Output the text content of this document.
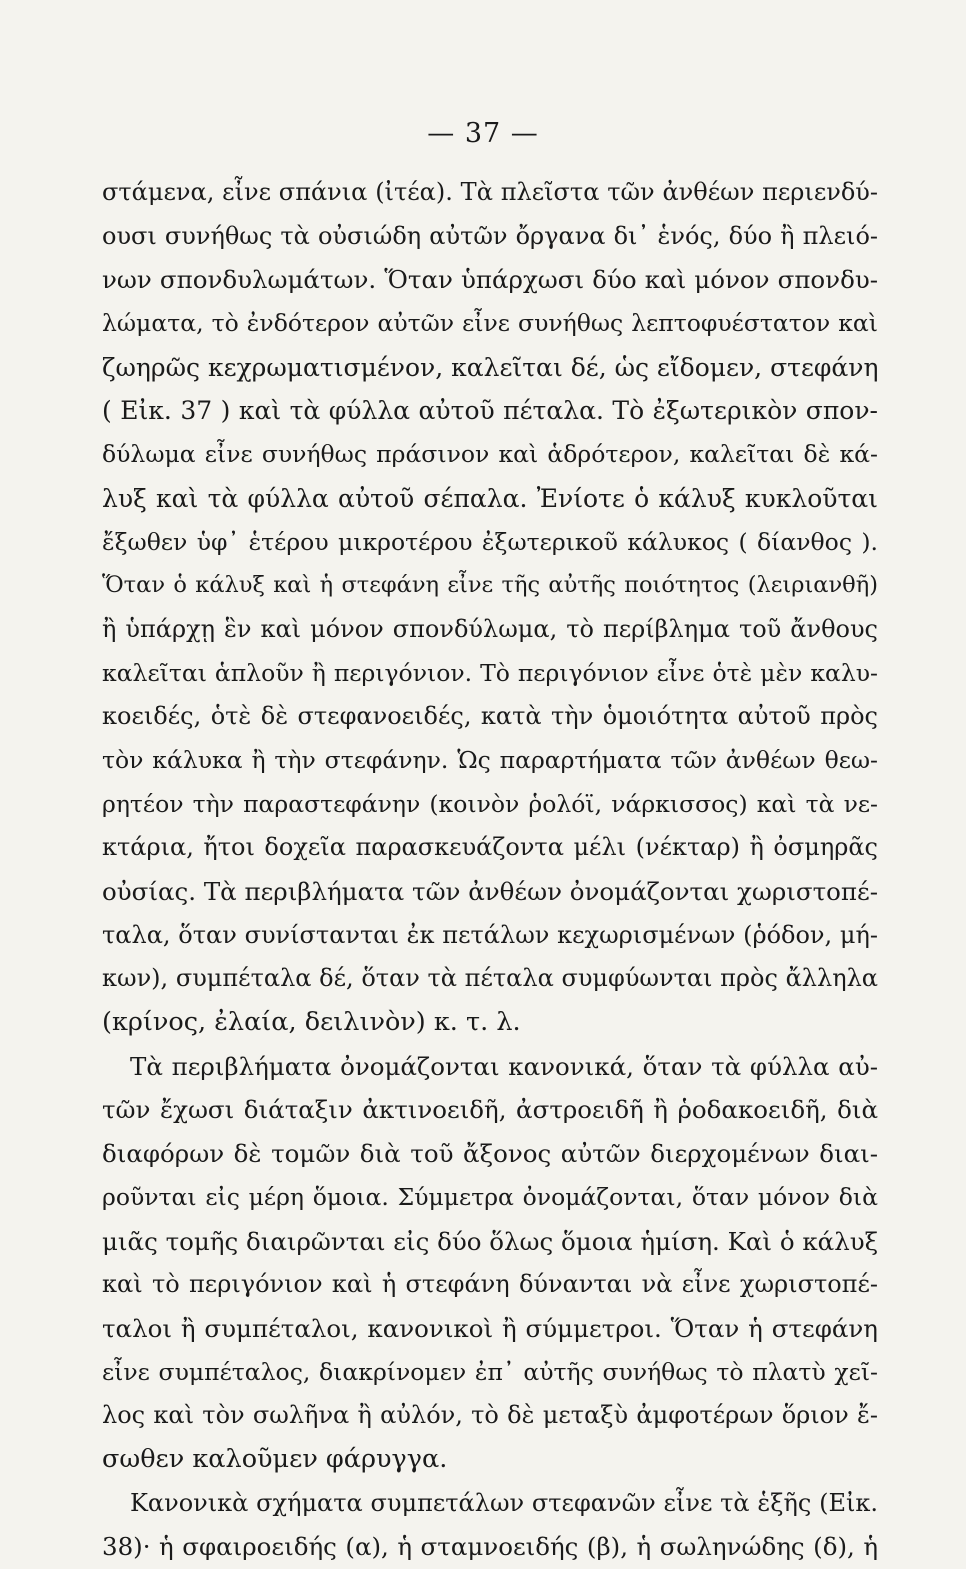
— 37 —
στάμενα, εἶνε σπάνια (ἰτέα). Τὰ πλεῖστα τῶν ἀνθέων περιενδύ-
ουσι συνήθως τὰ οὐσιώδη αὐτῶν ὄργανα δι᾽ ἑνός, δύο ἢ πλειό-
νων σπονδυλωμάτων. Ὅταν ὑπάρχωσι δύο καὶ μόνον σπονδυ-
λώματα, τὸ ἐνδότερον αὐτῶν εἶνε συνήθως λεπτοφυέστατον καὶ
ζωηρῶς κεχρωματισμένον, καλεῖται δέ, ὡς εἴδομεν, στεφάνη
( Εἰκ. 37 ) καὶ τὰ φύλλα αὐτοῦ πέταλα. Τὸ ἐξωτερικὸν σπον-
δύλωμα εἶνε συνήθως πράσινον καὶ ἁδρότερον, καλεῖται δὲ κά-
λυξ καὶ τὰ φύλλα αὐτοῦ σέπαλα. Ἐνίοτε ὁ κάλυξ κυκλοῦται
ἔξωθεν ὑφ᾽ ἑτέρου μικροτέρου ἐξωτερικοῦ κάλυκος ( δίανθος ).
Ὅταν ὁ κάλυξ καὶ ἡ στεφάνη εἶνε τῆς αὐτῆς ποιότητος (λειριανθῆ)
ἢ ὑπάρχῃ ἓν καὶ μόνον σπονδύλωμα, τὸ περίβλημα τοῦ ἄνθους
καλεῖται ἁπλοῦν ἢ περιγόνιον. Τὸ περιγόνιον εἶνε ὁτὲ μὲν καλυ-
κοειδές, ὁτὲ δὲ στεφανοειδές, κατὰ τὴν ὁμοιότητα αὐτοῦ πρὸς
τὸν κάλυκα ἢ τὴν στεφάνην. Ὡς παραρτήματα τῶν ἀνθέων θεω-
ρητέον τὴν παραστεφάνην (κοινὸν ῥολόϊ, νάρκισσος) καὶ τὰ νε-
κτάρια, ἤτοι δοχεῖα παρασκευάζοντα μέλι (νέκταρ) ἢ ὀσμηρᾶς
οὐσίας. Τὰ περιβλήματα τῶν ἀνθέων ὀνομάζονται χωριστοπέ-
ταλα, ὅταν συνίστανται ἐκ πετάλων κεχωρισμένων (ῥόδον, μή-
κων), συμπέταλα δέ, ὅταν τὰ πέταλα συμφύωνται πρὸς ἄλληλα
(κρίνος, ἐλαία, δειλινὸν) κ. τ. λ.
Τὰ περιβλήματα ὀνομάζονται κανονικά, ὅταν τὰ φύλλα αὐ-
τῶν ἔχωσι διάταξιν ἀκτινοειδῆ, ἀστροειδῆ ἢ ῥοδακοειδῆ, διὰ
διαφόρων δὲ τομῶν διὰ τοῦ ἄξονος αὐτῶν διερχομένων διαι-
ροῦνται εἰς μέρη ὅμοια. Σύμμετρα ὀνομάζονται, ὅταν μόνον διὰ
μιᾶς τομῆς διαιρῶνται εἰς δύο ὅλως ὅμοια ἡμίση. Καὶ ὁ κάλυξ
καὶ τὸ περιγόνιον καὶ ἡ στεφάνη δύνανται νὰ εἶνε χωριστοπέ-
ταλοι ἢ συμπέταλοι, κανονικοὶ ἢ σύμμετροι. Ὅταν ἡ στεφάνη
εἶνε συμπέταλος, διακρίνομεν ἐπ᾽ αὐτῆς συνήθως τὸ πλατὺ χεῖ-
λος καὶ τὸν σωλῆνα ἢ αὐλόν, τὸ δὲ μεταξὺ ἀμφοτέρων ὅριον ἔ-
σωθεν καλοῦμεν φάρυγγα.
Κανονικὰ σχήματα συμπετάλων στεφανῶν εἶνε τὰ ἑξῆς (Εἰκ.
38)· ἡ σφαιροειδής (α), ἡ σταμνοειδής (β), ἡ σωληνώδης (δ), ἡ
